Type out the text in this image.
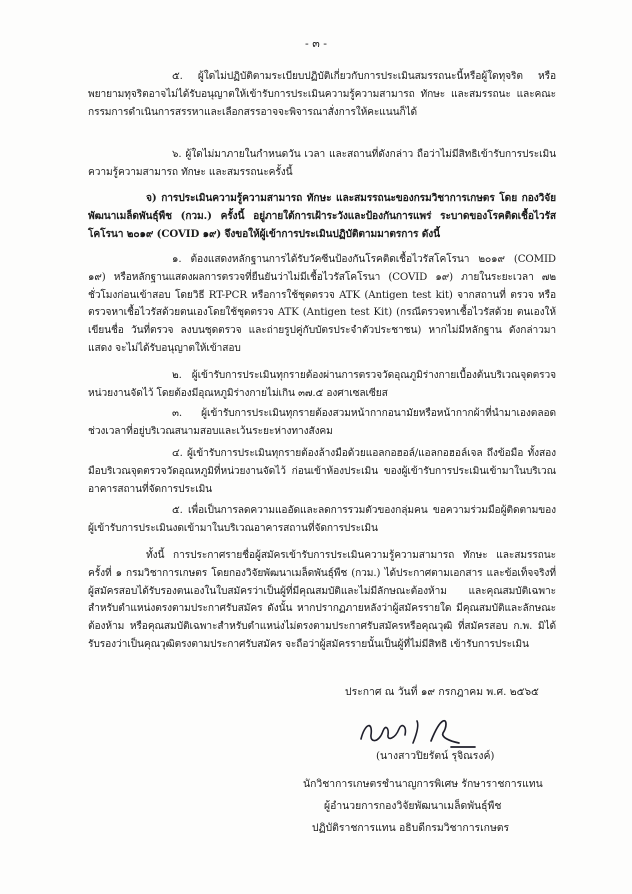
- ๓ -
๕. ผู้ใดไม่ปฏิบัติตามระเบียบปฏิบัติเกี่ยวกับการประเมินสมรรถนะนี้หรือผู้ใดทุจริต หรือพยายามทุจริตอาจไม่ได้รับอนุญาตให้เข้ารับการประเมินความรู้ความสามารถ ทักษะ และสมรรถนะ และคณะกรรมการดำเนินการสรรหาและเลือกสรรอาจจะพิจารณาสั่งการให้คะแนนก็ได้
๖. ผู้ใดไม่มาภายในกำหนดวัน เวลา และสถานที่ดังกล่าว ถือว่าไม่มีสิทธิเข้ารับการประเมินความรู้ความสามารถ ทักษะ และสมรรถนะครั้งนี้
จ) การประเมินความรู้ความสามารถ ทักษะ และสมรรถนะของกรมวิชาการเกษตร โดย กองวิจัยพัฒนาเมล็ดพันธุ์พืช (กวม.) ครั้งนี้ อยู่ภายใต้การเฝ้าระวังและป้องกันการแพร่ ระบาดของโรคติดเชื้อไวรัสโคโรนา ๒๐๑๙ (COVID ๑๙) จึงขอให้ผู้เข้าการประเมินปฏิบัติตามมาตรการ ดังนี้
๑. ต้องแสดงหลักฐานการได้รับวัคซีนป้องกันโรคติดเชื้อไวรัสโคโรนา ๒๐๑๙ (COMID ๑๙) หรือหลักฐานแสดงผลการตรวจที่ยืนยันว่าไม่มีเชื้อไวรัสโคโรนา (COVID ๑๙) ภายในระยะเวลา ๗๒ ชั่วโมงก่อนเข้าสอบ โดยวิธี RT-PCR หรือการใช้ชุดตรวจ ATK (Antigen test kit) จากสถานที่ ตรวจ หรือตรวจหาเชื้อไวรัสด้วยตนเองโดยใช้ชุดตรวจ ATK (Antigen test Kit) (กรณีตรวจหาเชื้อไวรัสด้วย ตนเองให้เขียนชื่อ วันที่ตรวจ ลงบนชุดตรวจ และถ่ายรูปคู่กับบัตรประจำตัวประชาชน) หากไม่มีหลักฐาน ดังกล่าวมาแสดง จะไม่ได้รับอนุญาตให้เข้าสอบ
๒. ผู้เข้ารับการประเมินทุกรายต้องผ่านการตรวจวัดอุณภูมิร่างกายเบื้องต้นบริเวณจุดตรวจหน่วยงานจัดไว้ โดยต้องมีอุณหภูมิร่างกายไม่เกิน ๓๗.๕ องศาเซลเซียส
๓. ผู้เข้ารับการประเมินทุกรายต้องสวมหน้ากากอนามัยหรือหน้ากากผ้าที่นำมาเองตลอดช่วงเวลาที่อยู่บริเวณสนามสอบและเว้นระยะห่างทางสังคม
๔. ผู้เข้ารับการประเมินทุกรายต้องล้างมือด้วยแอลกอฮอล์/แอลกอฮอล์เจล ถึงข้อมือ ทั้งสองมือบริเวณจุดตรวจวัดอุณหภูมิที่หน่วยงานจัดไว้ ก่อนเข้าห้องประเมิน ของผู้เข้ารับการประเมินเข้ามาในบริเวณอาคารสถานที่จัดการประเมิน
๕. เพื่อเป็นการลดความแออัดและลดการรวมตัวของกลุ่มคน ขอความร่วมมือผู้ติดตามของผู้เข้ารับการประเมินงดเข้ามาในบริเวณอาคารสถานที่จัดการประเมิน
ทั้งนี้ การประกาศรายชื่อผู้สมัครเข้ารับการประเมินความรู้ความสามารถ ทักษะ และสมรรถนะครั้งที่ ๑ กรมวิชาการเกษตร โดยกองวิจัยพัฒนาเมล็ดพันธุ์พืช (กวม.) ได้ประกาศตามเอกสาร และข้อเท็จจริงที่ผู้สมัครสอบได้รับรองตนเองในใบสมัครว่าเป็นผู้ที่มีคุณสมบัติและไม่มีลักษณะต้องห้าม และคุณสมบัติเฉพาะสำหรับตำแหน่งตรงตามประกาศรับสมัคร ดังนั้น หากปรากฏภายหลังว่าผู้สมัครรายใด มีคุณสมบัติและลักษณะต้องห้าม หรือคุณสมบัติเฉพาะสำหรับตำแหน่งไม่ตรงตามประกาศรับสมัครหรือคุณวุฒิ ที่สมัครสอบ ก.พ. มิได้รับรองว่าเป็นคุณวุฒิตรงตามประกาศรับสมัคร จะถือว่าผู้สมัครรายนั้นเป็นผู้ที่ไม่มีสิทธิ เข้ารับการประเมิน
ประกาศ ณ วันที่ ๑๙ กรกฎาคม พ.ศ. ๒๕๖๕
(นางสาวปิยรัตน์ รุจิณรงค์)
นักวิชาการเกษตรชำนาญการพิเศษ รักษาราชการแทน
ผู้อำนวยการกองวิจัยพัฒนาเมล็ดพันธุ์พืช
ปฏิบัติราชการแทน อธิบดีกรมวิชาการเกษตร
